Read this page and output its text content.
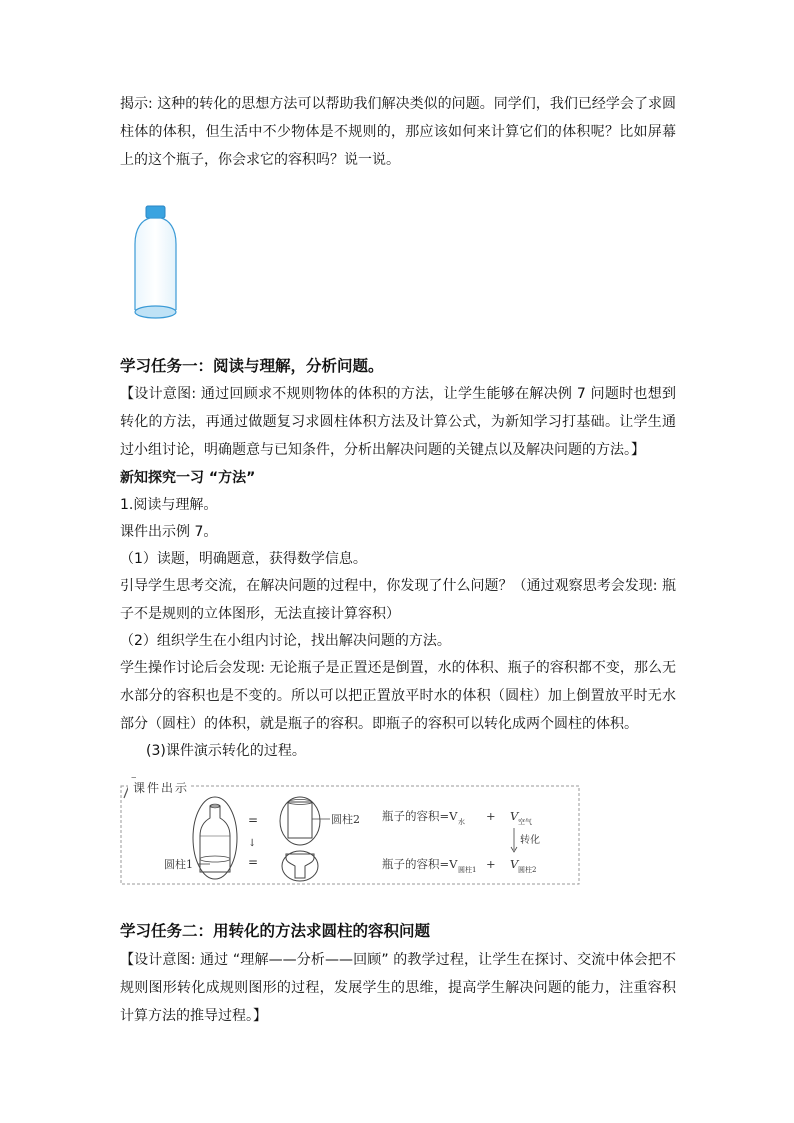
揭示: 这种的转化的思想方法可以帮助我们解决类似的问题。同学们，我们已经学会了求圆柱体的体积，但生活中不少物体是不规则的，那应该如何来计算它们的体积呢？比如屏幕上的这个瓶子，你会求它的容积吗？说一说。
学习任务一：阅读与理解，分析问题。
【设计意图: 通过回顾求不规则物体的体积的方法，让学生能够在解决例 7 问题时也想到转化的方法，再通过做题复习求圆柱体积方法及计算公式，为新知学习打基础。让学生通过小组讨论，明确题意与已知条件，分析出解决问题的关键点以及解决问题的方法。】
新知探究一习 “方法”
1.阅读与理解。
课件出示例 7。
（1）读题，明确题意，获得数学信息。
引导学生思考交流，在解决问题的过程中，你发现了什么问题？（通过观察思考会发现: 瓶子不是规则的立体图形，无法直接计算容积）
（2）组织学生在小组内讨论，找出解决问题的方法。
学生操作讨论后会发现: 无论瓶子是正置还是倒置，水的体积、瓶子的容积都不变，那么无水部分的容积也是不变的。所以可以把正置放平时水的体积（圆柱）加上倒置放平时无水部分（圆柱）的体积，就是瓶子的容积。即瓶子的容积可以转化成两个圆柱的体积。
(3)课件演示转化的过程。
课件出示
=
=
↓
圆柱2
圆柱1
瓶子的容积=V 水 + V 空气
转化
瓶子的容积=V 圆柱1 + V 圆柱2
学习任务二：用转化的方法求圆柱的容积问题
【设计意图: 通过 “理解——分析——回顾” 的教学过程，让学生在探讨、交流中体会把不规则图形转化成规则图形的过程，发展学生的思维，提高学生解决问题的能力，注重容积计算方法的推导过程。】
